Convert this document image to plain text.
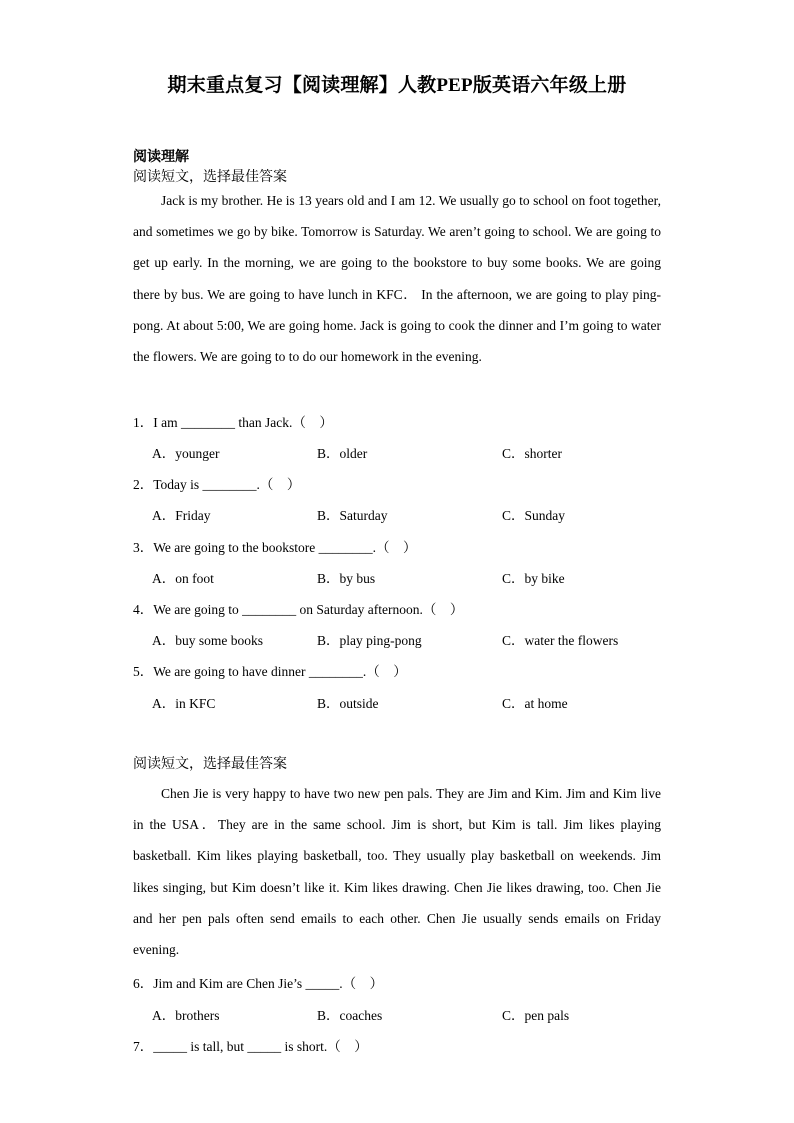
期末重点复习【阅读理解】人教PEP版英语六年级上册
阅读理解
阅读短文，选择最佳答案
Jack is my brother. He is 13 years old and I am 12. We usually go to school on foot together, and sometimes we go by bike. Tomorrow is Saturday. We aren’t going to school. We are going to get up early. In the morning, we are going to the bookstore to buy some books. We are going there by bus. We are going to have lunch in KFC． In the afternoon, we are going to play ping-pong. At about 5:00, We are going home. Jack is going to cook the dinner and I’m going to water the flowers. We are going to to do our homework in the evening.
1．I am ________ than Jack.（　）
A．younger	B．older	C．shorter
2．Today is ________.（　）
A．Friday	B．Saturday	C．Sunday
3．We are going to the bookstore ________.（　）
A．on foot	B．by bus	C．by bike
4．We are going to ________ on Saturday afternoon.（　）
A．buy some books	B．play ping-pong	C．water the flowers
5．We are going to have dinner ________.（　）
A．in KFC	B．outside	C．at home
阅读短文，选择最佳答案
Chen Jie is very happy to have two new pen pals. They are Jim and Kim. Jim and Kim live in the USA．They are in the same school. Jim is short, but Kim is tall. Jim likes playing basketball. Kim likes playing basketball, too. They usually play basketball on weekends. Jim likes singing, but Kim doesn’t like it. Kim likes drawing. Chen Jie likes drawing, too. Chen Jie and her pen pals often send emails to each other. Chen Jie usually sends emails on Friday evening.
6．Jim and Kim are Chen Jie’s _____.（　）
A．brothers	B．coaches	C．pen pals
7．_____ is tall, but _____ is short.（　）
